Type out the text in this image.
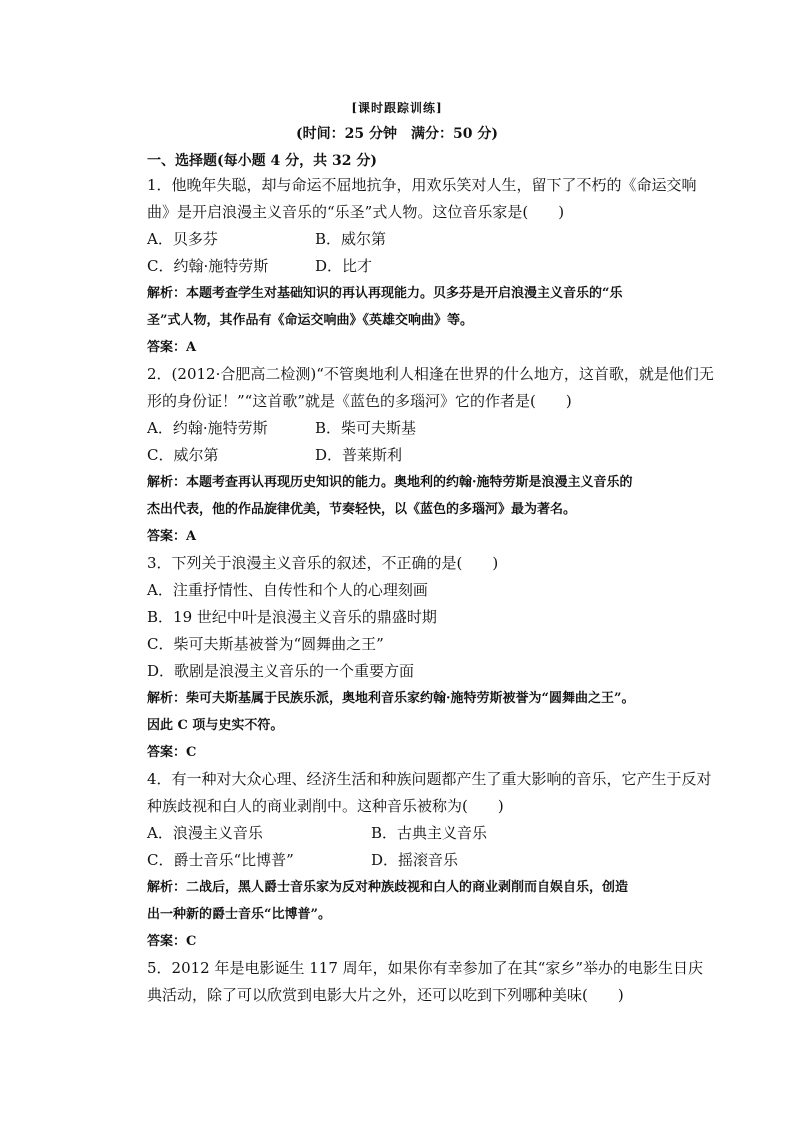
[课时跟踪训练]
(时间：25 分钟　满分：50 分)
一、选择题(每小题 4 分，共 32 分)
1．他晚年失聪，却与命运不屈地抗争，用欢乐笑对人生，留下了不朽的《命运交响
曲》是开启浪漫主义音乐的“乐圣”式人物。这位音乐家是(　　)
A．贝多芬	B．威尔第
C．约翰·施特劳斯	D．比才
解析：本题考查学生对基础知识的再认再现能力。贝多芬是开启浪漫主义音乐的“乐
圣”式人物，其作品有《命运交响曲》《英雄交响曲》等。
答案：A
2．(2012·合肥高二检测)“不管奥地利人相逢在世界的什么地方，这首歌，就是他们无
形的身份证！”“这首歌”就是《蓝色的多瑙河》它的作者是(　　)
A．约翰·施特劳斯	B．柴可夫斯基
C．威尔第	D．普莱斯利
解析：本题考查再认再现历史知识的能力。奥地利的约翰·施特劳斯是浪漫主义音乐的
杰出代表，他的作品旋律优美，节奏轻快，以《蓝色的多瑙河》最为著名。
答案：A
3．下列关于浪漫主义音乐的叙述，不正确的是(　　)
A．注重抒情性、自传性和个人的心理刻画
B．19 世纪中叶是浪漫主义音乐的鼎盛时期
C．柴可夫斯基被誉为“圆舞曲之王”
D．歌剧是浪漫主义音乐的一个重要方面
解析：柴可夫斯基属于民族乐派，奥地利音乐家约翰·施特劳斯被誉为“圆舞曲之王”。
因此 C 项与史实不符。
答案：C
4．有一种对大众心理、经济生活和种族问题都产生了重大影响的音乐，它产生于反对
种族歧视和白人的商业剥削中。这种音乐被称为(　　)
A．浪漫主义音乐	B．古典主义音乐
C．爵士音乐“比博普”	D．摇滚音乐
解析：二战后，黑人爵士音乐家为反对种族歧视和白人的商业剥削而自娱自乐，创造
出一种新的爵士音乐“比博普”。
答案：C
5．2012 年是电影诞生 117 周年，如果你有幸参加了在其“家乡”举办的电影生日庆
典活动，除了可以欣赏到电影大片之外，还可以吃到下列哪种美味(　　)
